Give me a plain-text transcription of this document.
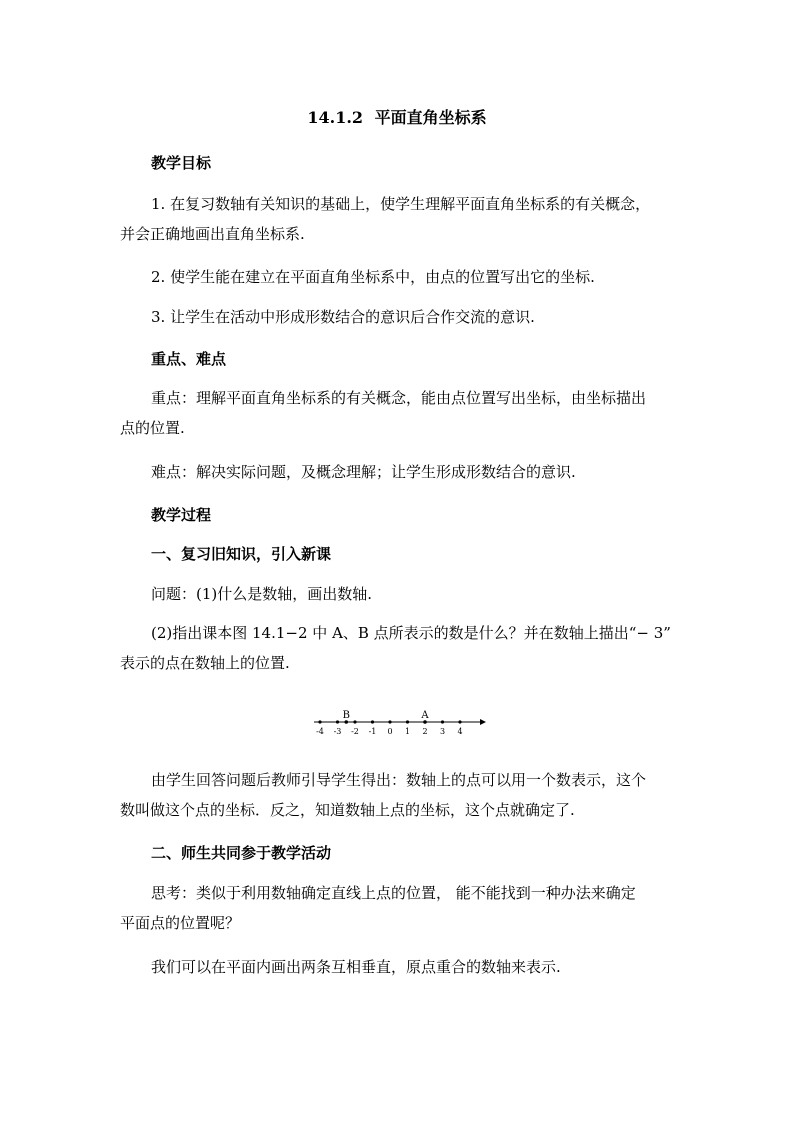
14.1.2 平面直角坐标系
教学目标

1. 在复习数轴有关知识的基础上，使学生理解平面直角坐标系的有关概念，
并会正确地画出直角坐标系.

2. 使学生能在建立在平面直角坐标系中，由点的位置写出它的坐标.

3. 让学生在活动中形成形数结合的意识后合作交流的意识.

重点、难点

重点：理解平面直角坐标系的有关概念，能由点位置写出坐标，由坐标描出
点的位置.

难点：解决实际问题，及概念理解；让学生形成形数结合的意识.

教学过程
一、复习旧知识，引入新课

问题：(1)什么是数轴，画出数轴.

(2)指出课本图 14.1−2 中 A、B 点所表示的数是什么？并在数轴上描出“− 3”
表示的点在数轴上的位置.

-4 -3 -2 -1 0 1 2 3 4
B	A

由学生回答问题后教师引导学生得出：数轴上的点可以用一个数表示，这个
数叫做这个点的坐标．反之，知道数轴上点的坐标，这个点就确定了.

二、师生共同参于教学活动

思考：类似于利用数轴确定直线上点的位置， 能不能找到一种办法来确定
平面点的位置呢？

我们可以在平面内画出两条互相垂直，原点重合的数轴来表示.
